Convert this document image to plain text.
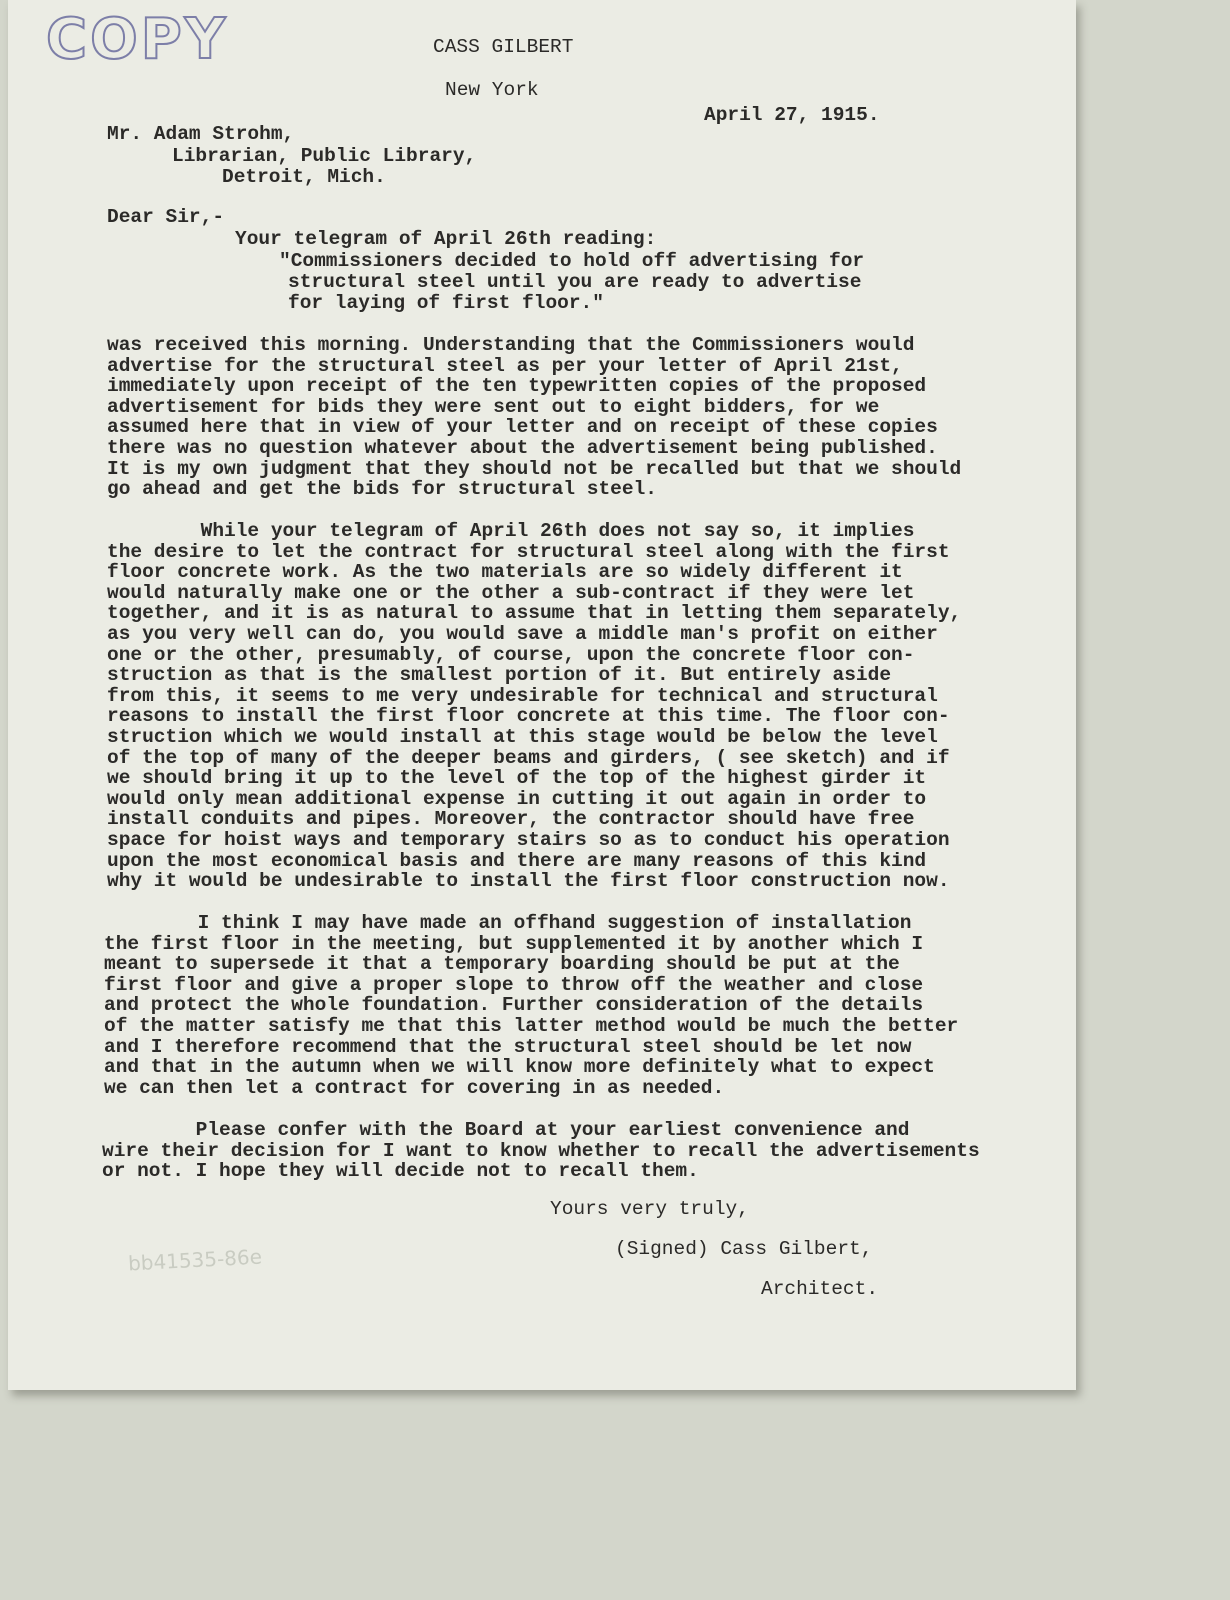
COPY	CASS GILBERT
New York
April 27, 1915.
Mr. Adam Strohm,
Librarian, Public Library,
Detroit, Mich.
Dear Sir,-
Your telegram of April 26th reading:
"Commissioners decided to hold off advertising for
structural steel until you are ready to advertise
for laying of first floor."

was received this morning. Understanding that the Commissioners would
advertise for the structural steel as per your letter of April 21st,
immediately upon receipt of the ten typewritten copies of the proposed
advertisement for bids they were sent out to eight bidders, for we
assumed here that in view of your letter and on receipt of these copies
there was no question whatever about the advertisement being published.
It is my own judgment that they should not be recalled but that we should
go ahead and get the bids for structural steel.

While your telegram of April 26th does not say so, it implies
the desire to let the contract for structural steel along with the first
floor concrete work. As the two materials are so widely different it
would naturally make one or the other a sub-contract if they were let
together, and it is as natural to assume that in letting them separately,
as you very well can do, you would save a middle man's profit on either
one or the other, presumably, of course, upon the concrete floor con-
struction as that is the smallest portion of it. But entirely aside
from this, it seems to me very undesirable for technical and structural
reasons to install the first floor concrete at this time. The floor con-
struction which we would install at this stage would be below the level
of the top of many of the deeper beams and girders, ( see sketch) and if
we should bring it up to the level of the top of the highest girder it
would only mean additional expense in cutting it out again in order to
install conduits and pipes. Moreover, the contractor should have free
space for hoist ways and temporary stairs so as to conduct his operation
upon the most economical basis and there are many reasons of this kind
why it would be undesirable to install the first floor construction now.

I think I may have made an offhand suggestion of installation
the first floor in the meeting, but supplemented it by another which I
meant to supersede it that a temporary boarding should be put at the
first floor and give a proper slope to throw off the weather and close
and protect the whole foundation. Further consideration of the details
of the matter satisfy me that this latter method would be much the better
and I therefore recommend that the structural steel should be let now
and that in the autumn when we will know more definitely what to expect
we can then let a contract for covering in as needed.

Please confer with the Board at your earliest convenience and
wire their decision for I want to know whether to recall the advertisements
or not. I hope they will decide not to recall them.

Yours very truly,
(Signed) Cass Gilbert,
Architect.
bb41535-86e
